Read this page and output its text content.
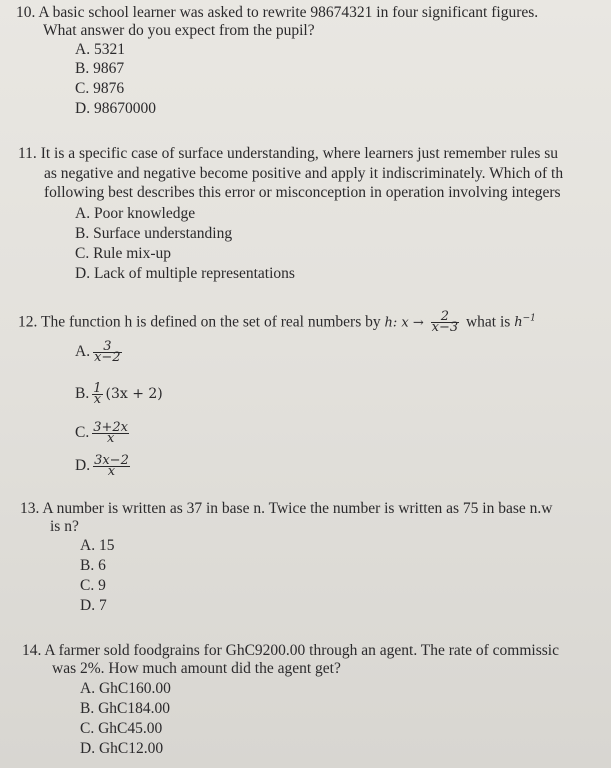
10. A basic school learner was asked to rewrite 98674321 in four significant figures.
What answer do you expect from the pupil?
A. 5321
B. 9867
C. 9876
D. 98670000
11. It is a specific case of surface understanding, where learners just remember rules su
as negative and negative become positive and apply it indiscriminately. Which of th
following best describes this error or misconception in operation involving integers
A. Poor knowledge
B. Surface understanding
C. Rule mix-up
D. Lack of multiple representations
12. The function h is defined on the set of real numbers by h: $x \to \frac{2}{x-3}$ what is $h^{-1}$
A. $\frac{3}{x-2}$
B. $\frac{1}{x} (3x + 2)$
C. $\frac{3+2x}{x}$
D. $\frac{3x-2}{x}$
13. A number is written as 37 in base n. Twice the number is written as 75 in base n.w
is n?
A. 15
B. 6
C. 9
D. 7
14. A farmer sold foodgrains for GhC9200.00 through an agent. The rate of commissic
was 2%. How much amount did the agent get?
A. GhC160.00
B. GhC184.00
C. GhC45.00
D. GhC12.00
